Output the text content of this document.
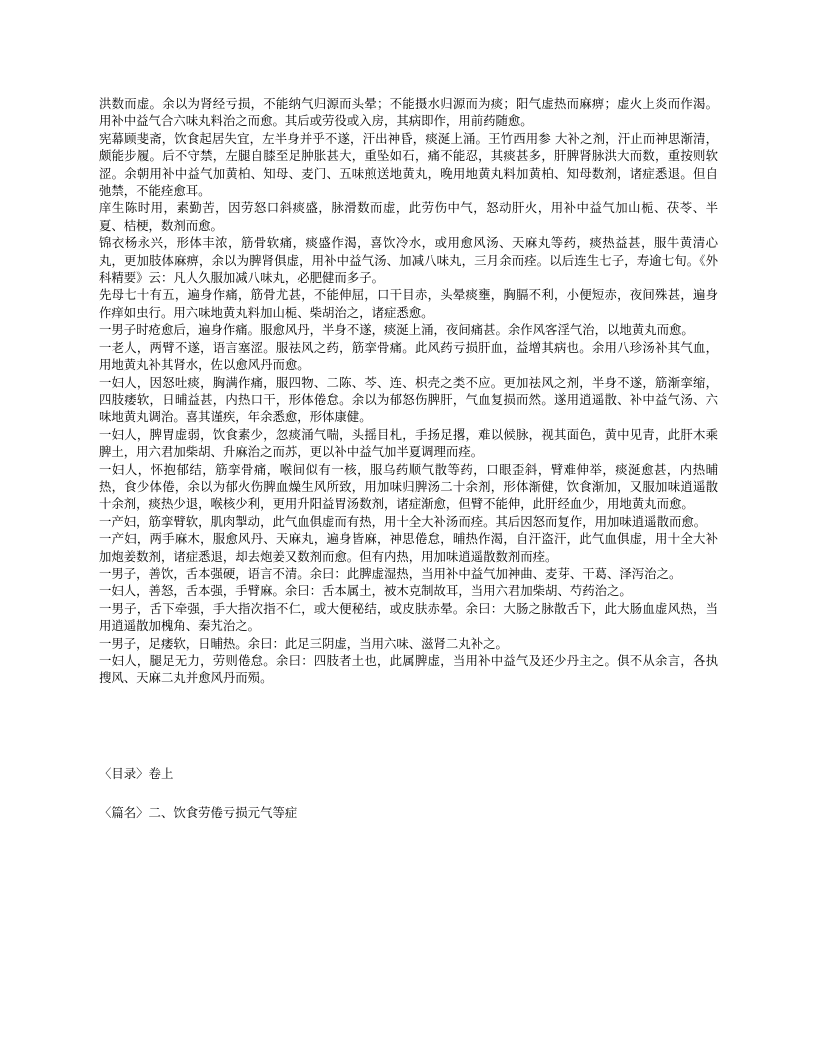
洪数而虚。余以为肾经亏损，不能纳气归源而头晕；不能摄水归源而为痰；阳气虚热而麻痹；虚火上炎而作渴。用补中益气合六味丸料治之而愈。其后或劳役或入房，其病即作，用前药随愈。

宪幕顾斐斋，饮食起居失宜，左半身并乎不遂，汗出神昏，痰涎上涌。王竹西用参 大补之剂，汗止而神思渐清，颇能步履。后不守禁，左腿自膝至足肿胀甚大，重坠如石，痛不能忍，其痰甚多，肝脾肾脉洪大而数，重按则软涩。余朝用补中益气加黄柏、知母、麦门、五味煎送地黄丸，晚用地黄丸料加黄柏、知母数剂，诸症悉退。但自弛禁，不能痊愈耳。

庠生陈时用，素勤苦，因劳怒口斜痰盛，脉滑数而虚，此劳伤中气，怒动肝火，用补中益气加山栀、茯苓、半夏、桔梗，数剂而愈。

锦衣杨永兴，形体丰浓，筋骨软痛，痰盛作渴，喜饮冷水，或用愈风汤、天麻丸等药，痰热益甚，服牛黄清心丸，更加肢体麻痹，余以为脾肾俱虚，用补中益气汤、加减八味丸，三月余而痊。以后连生七子，寿逾七旬。《外科精要》云：凡人久服加减八味丸，必肥健而多子。

先母七十有五，遍身作痛，筋骨尤甚，不能伸屈，口干目赤，头晕痰壅，胸膈不利，小便短赤，夜间殊甚，遍身作痒如虫行。用六味地黄丸料加山栀、柴胡治之，诸症悉愈。

一男子时疮愈后，遍身作痛。服愈风丹，半身不遂，痰涎上涌，夜间痛甚。余作风客淫气治，以地黄丸而愈。

一老人，两臂不遂，语言塞涩。服祛风之药，筋挛骨痛。此风药亏损肝血，益增其病也。余用八珍汤补其气血，用地黄丸补其肾水，佐以愈风丹而愈。

一妇人，因怒吐痰，胸满作痛，服四物、二陈、芩、连、枳壳之类不应。更加祛风之剂，半身不遂，筋渐挛缩，四肢痿软，日晡益甚，内热口干，形体倦怠。余以为郁怒伤脾肝，气血复损而然。遂用逍遥散、补中益气汤、六味地黄丸调治。喜其谨疾，年余悉愈，形体康健。

一妇人，脾胃虚弱，饮食素少，忽痰涌气喘，头摇目札，手扬足撂，难以候脉，视其面色，黄中见青，此肝木乘脾土，用六君加柴胡、升麻治之而苏，更以补中益气加半夏调理而痊。

一妇人，怀抱郁结，筋挛骨痛，喉间似有一核，服乌药顺气散等药，口眼歪斜，臂难伸举，痰涎愈甚，内热晡热，食少体倦，余以为郁火伤脾血燥生风所致，用加味归脾汤二十余剂，形体渐健，饮食渐加，又服加味逍遥散十余剂，痰热少退，喉核少利，更用升阳益胃汤数剂，诸症渐愈，但臂不能伸，此肝经血少，用地黄丸而愈。

一产妇，筋挛臂软，肌肉掣动，此气血俱虚而有热，用十全大补汤而痊。其后因怒而复作，用加味逍遥散而愈。

一产妇，两手麻木，服愈风丹、天麻丸，遍身皆麻，神思倦怠，晡热作渴，自汗盗汗，此气血俱虚，用十全大补加炮姜数剂，诸症悉退，却去炮姜又数剂而愈。但有内热，用加味逍遥散数剂而痊。

一男子，善饮，舌本强硬，语言不清。余曰：此脾虚湿热，当用补中益气加神曲、麦芽、干葛、泽泻治之。

一妇人，善怒，舌本强，手臂麻。余曰：舌本属土，被木克制故耳，当用六君加柴胡、芍药治之。

一男子，舌下牵强，手大指次指不仁，或大便秘结，或皮肤赤晕。余曰：大肠之脉散舌下，此大肠血虚风热，当用逍遥散加槐角、秦艽治之。

一男子，足痿软，日晡热。余曰：此足三阴虚，当用六味、滋肾二丸补之。

一妇人，腿足无力，劳则倦怠。余曰：四肢者土也，此属脾虚，当用补中益气及还少丹主之。俱不从余言，各执搜风、天麻二丸并愈风丹而殒。

〈目录〉卷上

〈篇名〉二、饮食劳倦亏损元气等症
